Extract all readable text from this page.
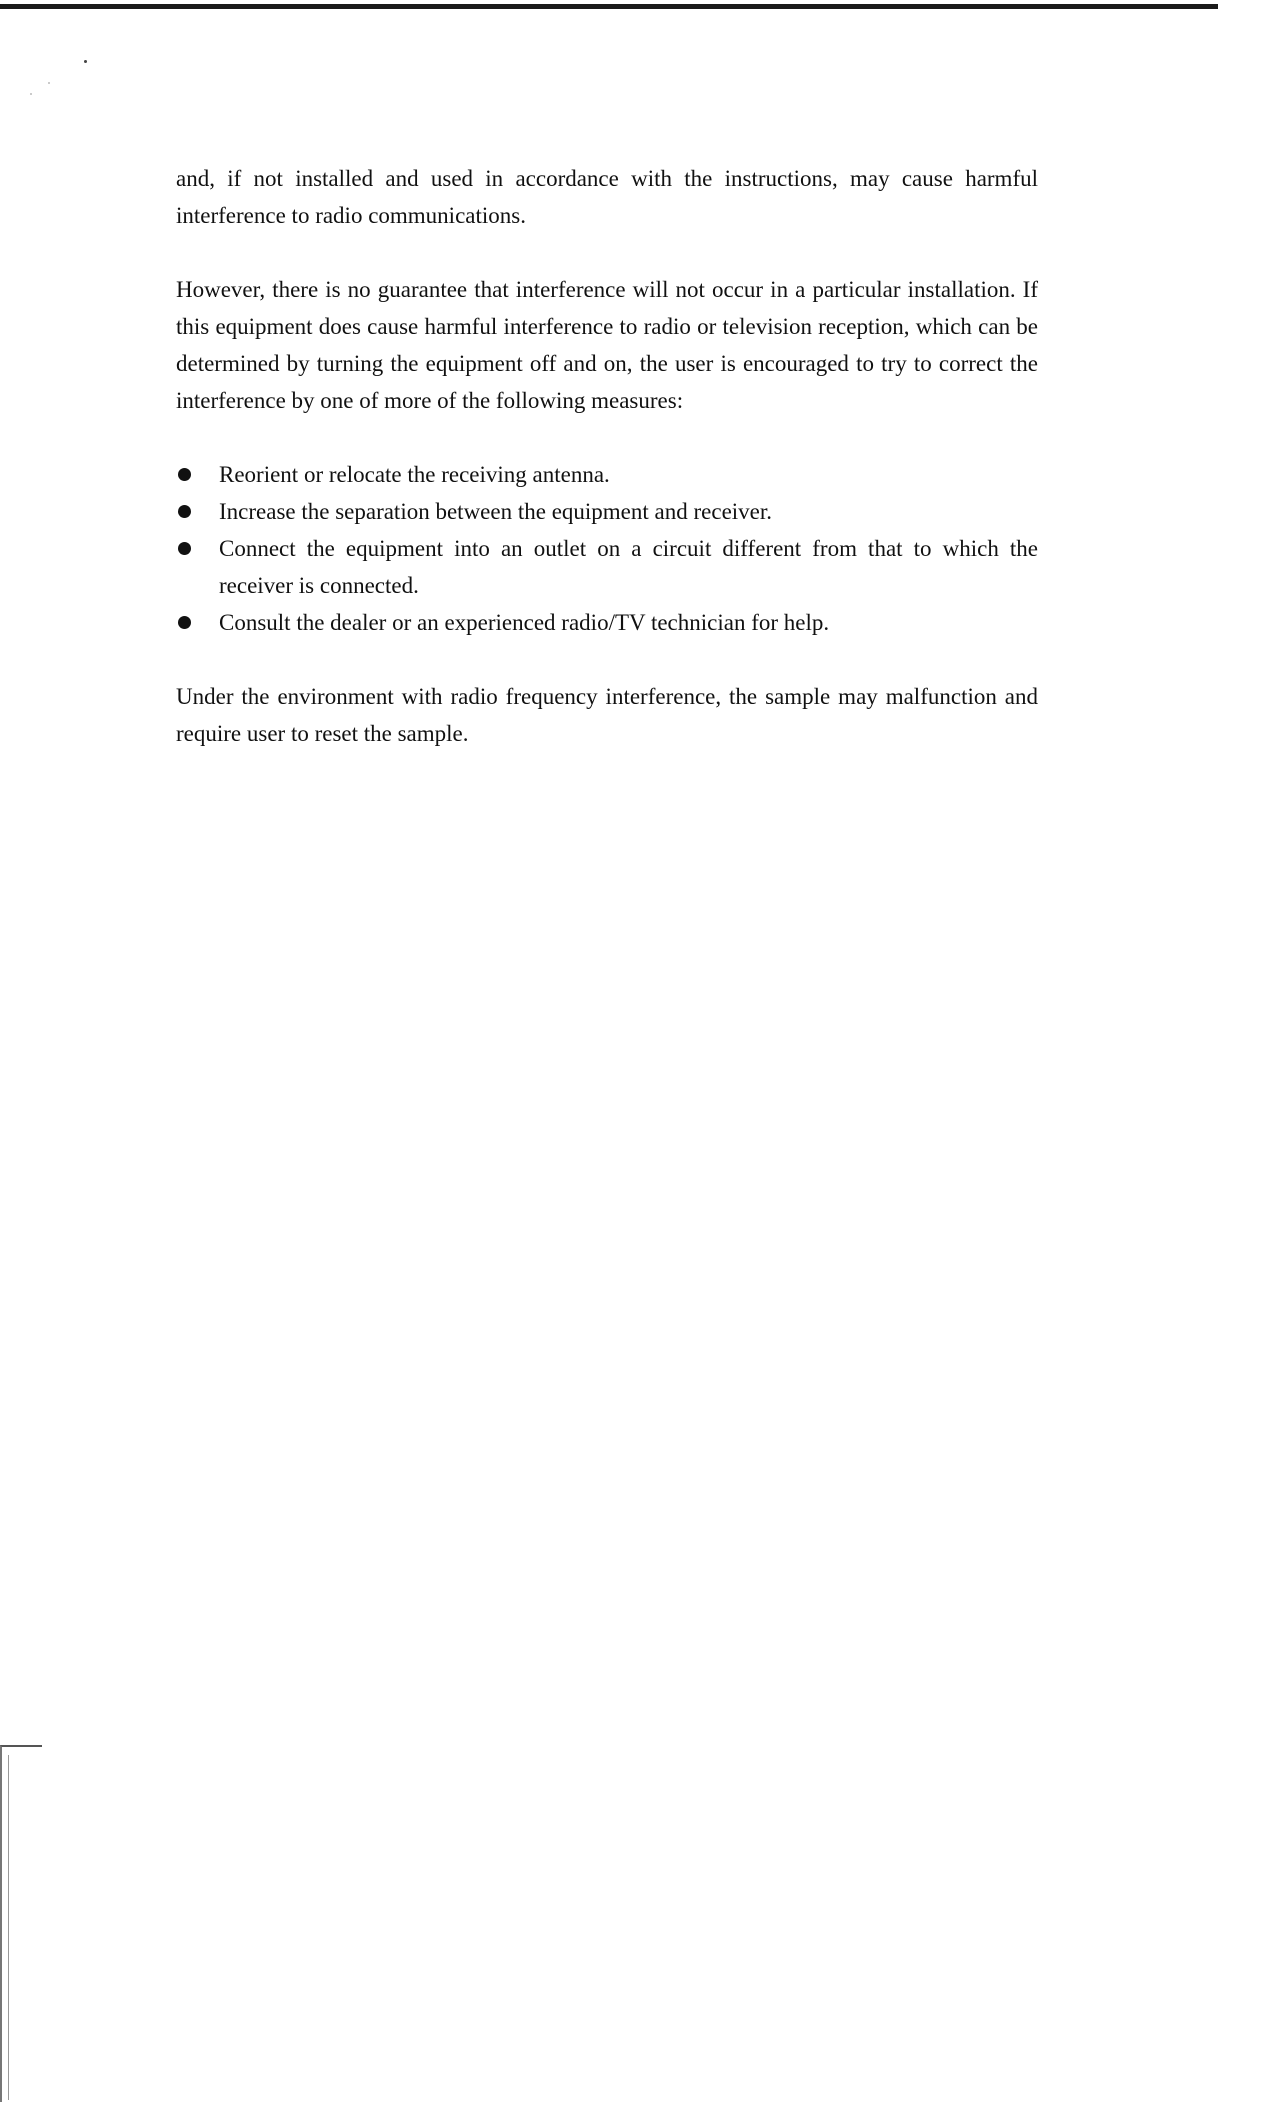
and, if not installed and used in accordance with the instructions, may cause harmful interference to radio communications.

However, there is no guarantee that interference will not occur in a particular installation. If this equipment does cause harmful interference to radio or television reception, which can be determined by turning the equipment off and on, the user is encouraged to try to correct the interference by one of more of the following measures:

Reorient or relocate the receiving antenna.
Increase the separation between the equipment and receiver.
Connect the equipment into an outlet on a circuit different from that to which the receiver is connected.
Consult the dealer or an experienced radio/TV technician for help.

Under the environment with radio frequency interference, the sample may malfunction and require user to reset the sample.
